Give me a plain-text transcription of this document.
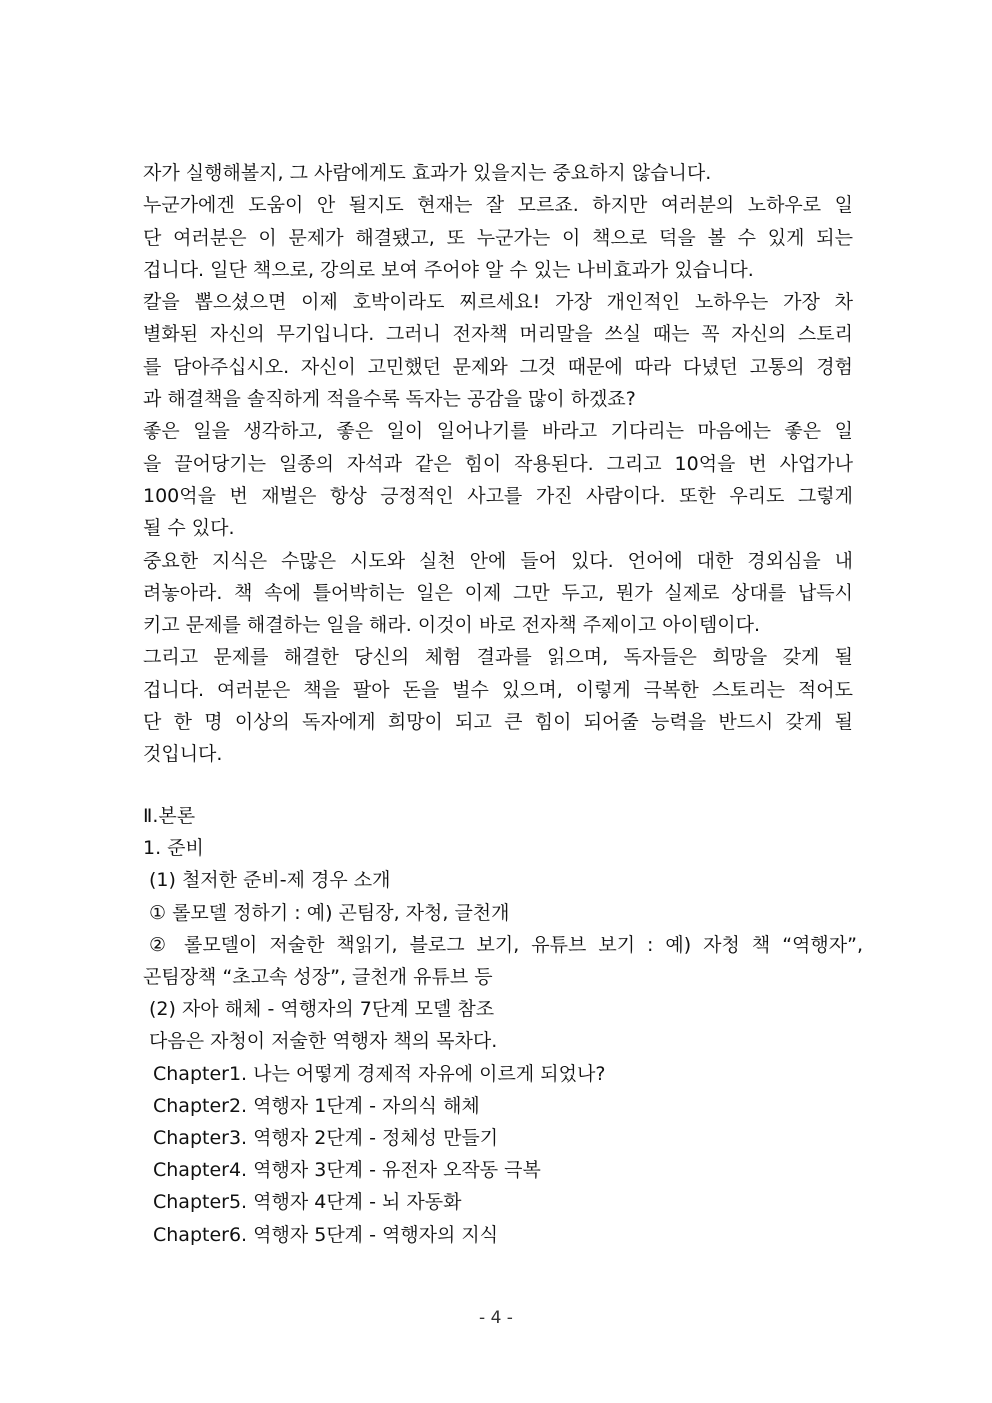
자가 실행해볼지, 그 사람에게도 효과가 있을지는 중요하지 않습니다.
누군가에겐 도움이 안 될지도 현재는 잘 모르죠. 하지만 여러분의 노하우로 일
단 여러분은 이 문제가 해결됐고, 또 누군가는 이 책으로 덕을 볼 수 있게 되는
겁니다. 일단 책으로, 강의로 보여 주어야 알 수 있는 나비효과가 있습니다.
칼을 뽑으셨으면 이제 호박이라도 찌르세요! 가장 개인적인 노하우는 가장 차
별화된 자신의 무기입니다. 그러니 전자책 머리말을 쓰실 때는 꼭 자신의 스토리
를 담아주십시오. 자신이 고민했던 문제와 그것 때문에 따라 다녔던 고통의 경험
과 해결책을 솔직하게 적을수록 독자는 공감을 많이 하겠죠?
좋은 일을 생각하고, 좋은 일이 일어나기를 바라고 기다리는 마음에는 좋은 일
을 끌어당기는 일종의 자석과 같은 힘이 작용된다. 그리고 10억을 번 사업가나
100억을 번 재벌은 항상 긍정적인 사고를 가진 사람이다. 또한 우리도 그렇게
될 수 있다.
중요한 지식은 수많은 시도와 실천 안에 들어 있다. 언어에 대한 경외심을 내
려놓아라. 책 속에 틀어박히는 일은 이제 그만 두고, 뭔가 실제로 상대를 납득시
키고 문제를 해결하는 일을 해라. 이것이 바로 전자책 주제이고 아이템이다.
그리고 문제를 해결한 당신의 체험 결과를 읽으며, 독자들은 희망을 갖게 될
겁니다. 여러분은 책을 팔아 돈을 벌수 있으며, 이렇게 극복한 스토리는 적어도
단 한 명 이상의 독자에게 희망이 되고 큰 힘이 되어줄 능력을 반드시 갖게 될
것입니다.
Ⅱ.본론
1. 준비
(1) 철저한 준비-제 경우 소개
① 롤모델 정하기 : 예) 곤팀장, 자청, 글천개
② 롤모델이 저술한 책읽기, 블로그 보기, 유튜브 보기 : 예) 자청 책 “역행자”,
곤팀장책 “초고속 성장”, 글천개 유튜브 등
(2) 자아 해체 - 역행자의 7단계 모델 참조
다음은 자청이 저술한 역행자 책의 목차다.
Chapter1. 나는 어떻게 경제적 자유에 이르게 되었나?
Chapter2. 역행자 1단계 - 자의식 해체
Chapter3. 역행자 2단계 - 정체성 만들기
Chapter4. 역행자 3단계 - 유전자 오작동 극복
Chapter5. 역행자 4단계 - 뇌 자동화
Chapter6. 역행자 5단계 - 역행자의 지식
- 4 -
